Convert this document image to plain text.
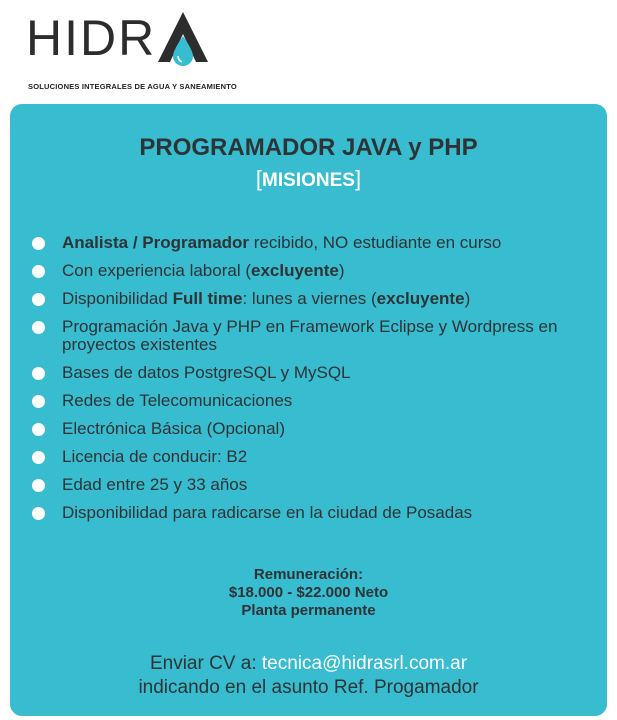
HIDR
SOLUCIONES INTEGRALES DE AGUA Y SANEAMIENTO
PROGRAMADOR JAVA y PHP
[MISIONES]
Analista / Programador recibido, NO estudiante en curso
Con experiencia laboral (excluyente)
Disponibilidad Full time: lunes a viernes (excluyente)
Programación Java y PHP en Framework Eclipse y Wordpress en proyectos existentes
Bases de datos PostgreSQL y MySQL
Redes de Telecomunicaciones
Electrónica Básica (Opcional)
Licencia de conducir: B2
Edad entre 25 y 33 años
Disponibilidad para radicarse en la ciudad de Posadas
Remuneración:
$18.000 - $22.000 Neto
Planta permanente
Enviar CV a: tecnica@hidrasrl.com.ar
indicando en el asunto Ref. Progamador
